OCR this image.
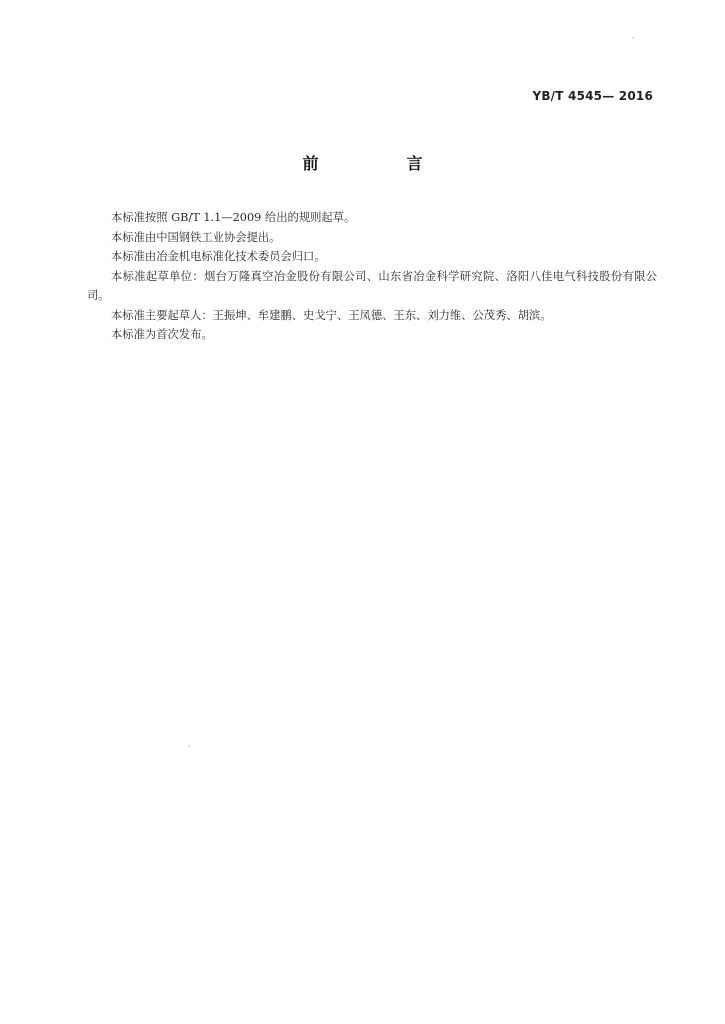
YB/T 4545— 2016
前　言

本标准按照 GB/T 1.1—2009 给出的规则起草。

本标准由中国钢铁工业协会提出。

本标准由冶金机电标准化技术委员会归口。

本标准起草单位：烟台万隆真空冶金股份有限公司、山东省冶金科学研究院、洛阳八佳电气科技股份有限公司。

本标准主要起草人：王振坤、牟建鹏、史戈宁、王凤德、王东、刘力维、公茂秀、胡滨。

本标准为首次发布。
